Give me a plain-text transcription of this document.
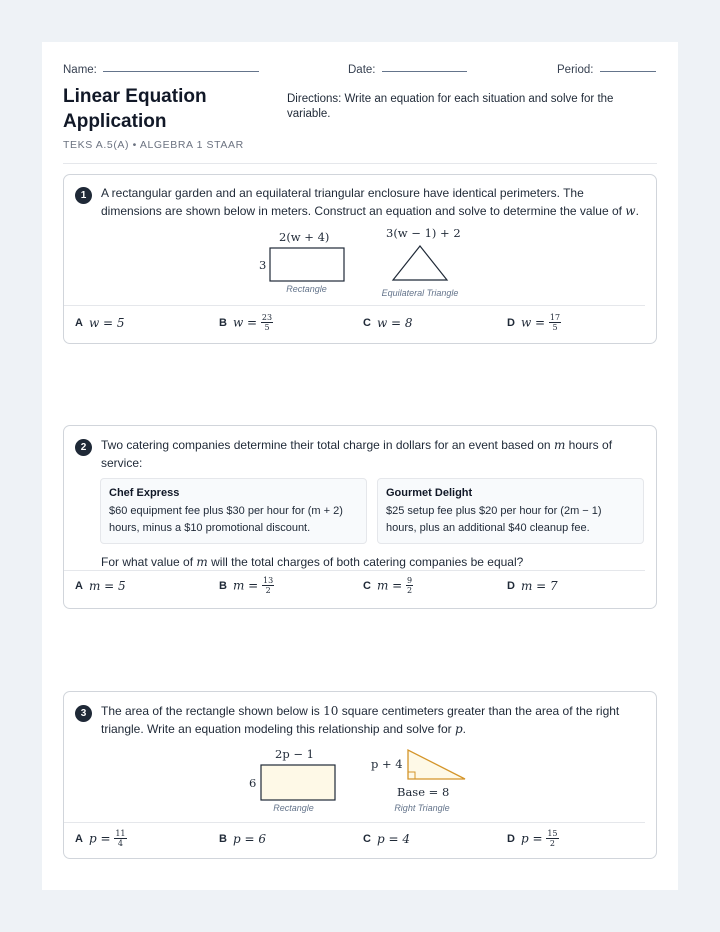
Name:	Date:	Period:
Linear Equation Application
TEKS A.5(A) • ALGEBRA 1 STAAR
Directions: Write an equation for each situation and solve for the variable.
1	A rectangular garden and an equilateral triangular enclosure have identical perimeters. The dimensions are shown below in meters. Construct an equation and solve to determine the value of w.
2(w + 4)
3
Rectangle
3(w − 1) + 2
Equilateral Triangle
A w = 5	B $w = \frac{23}{5}$	C w = 8	D $w = \frac{17}{5}$
2	Two catering companies determine their total charge in dollars for an event based on m hours of service:
Chef Express
$60 equipment fee plus $30 per hour for (m + 2)
hours, minus a $10 promotional discount.
Gourmet Delight
$25 setup fee plus $20 per hour for (2m − 1)
hours, plus an additional $40 cleanup fee.
For what value of m will the total charges of both catering companies be equal?
A m = 5	B $m = \frac{13}{2}$	C $m = \frac{9}{2}$	D m = 7
3	The area of the rectangle shown below is 10 square centimeters greater than the area of the right triangle. Write an equation modeling this relationship and solve for p.
2p − 1
6
Rectangle
p + 4
Base = 8
Right Triangle
A $p = \frac{11}{4}$	B p = 6	C p = 4	D $p = \frac{15}{2}$
